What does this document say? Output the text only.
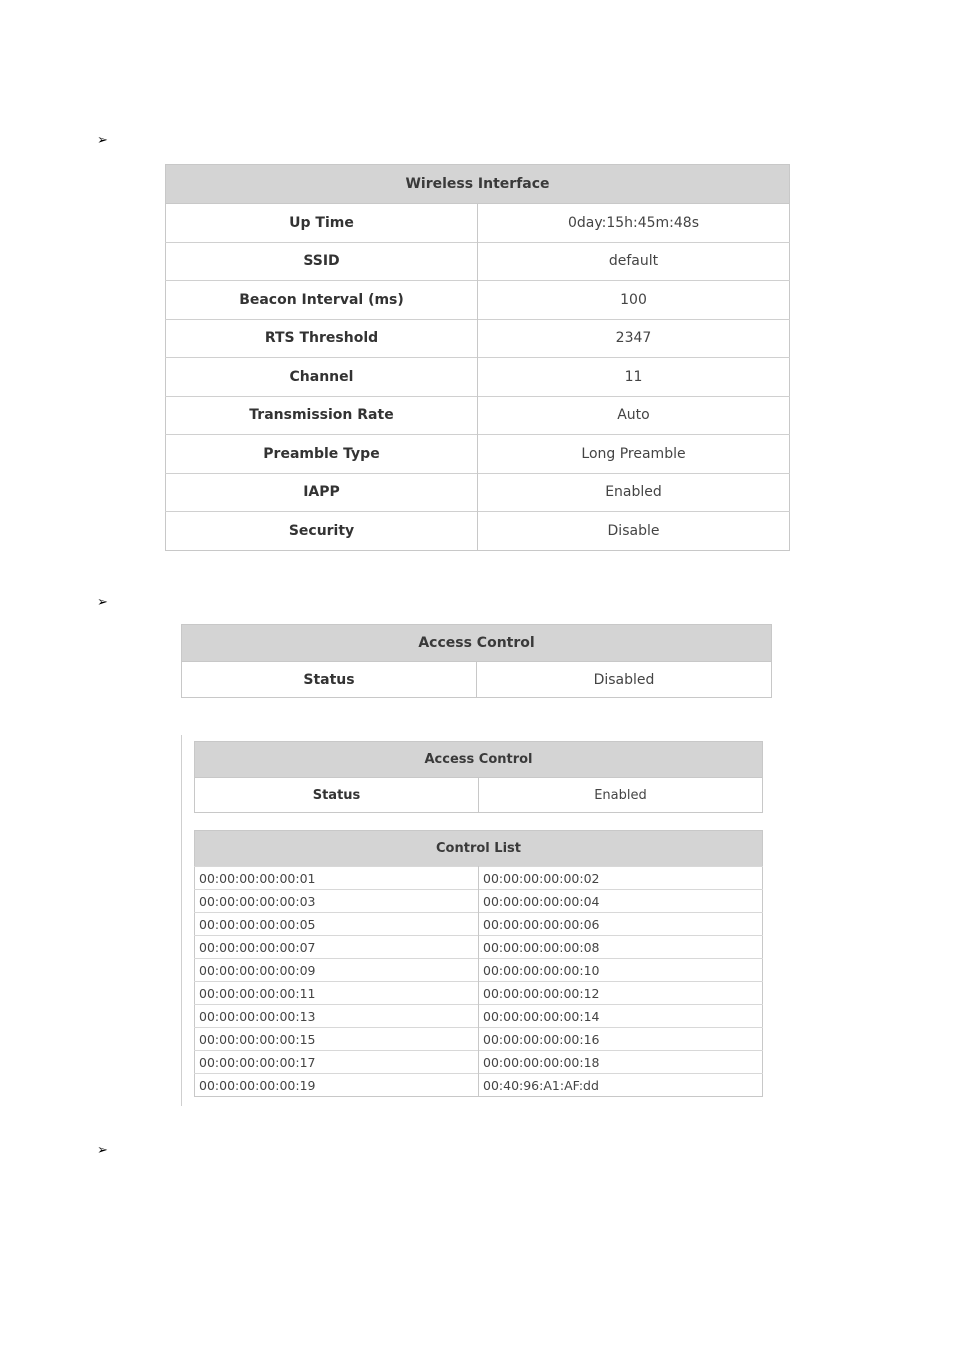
➢
➢
➢
Wireless Interface	
Up Time	0day:15h:45m:48s
SSID	default
Beacon Interval (ms)	100
RTS Threshold	2347
Channel	11
Transmission Rate	Auto
Preamble Type	Long Preamble
IAPP	Enabled
Security	Disable
Access Control
Status	Disabled
Access Control
Status	Enabled
Control List	
00:00:00:00:00:01	00:00:00:00:00:02
00:00:00:00:00:03	00:00:00:00:00:04
00:00:00:00:00:05	00:00:00:00:00:06
00:00:00:00:00:07	00:00:00:00:00:08
00:00:00:00:00:09	00:00:00:00:00:10
00:00:00:00:00:11	00:00:00:00:00:12
00:00:00:00:00:13	00:00:00:00:00:14
00:00:00:00:00:15	00:00:00:00:00:16
00:00:00:00:00:17	00:00:00:00:00:18
00:00:00:00:00:19	00:40:96:A1:AF:dd
